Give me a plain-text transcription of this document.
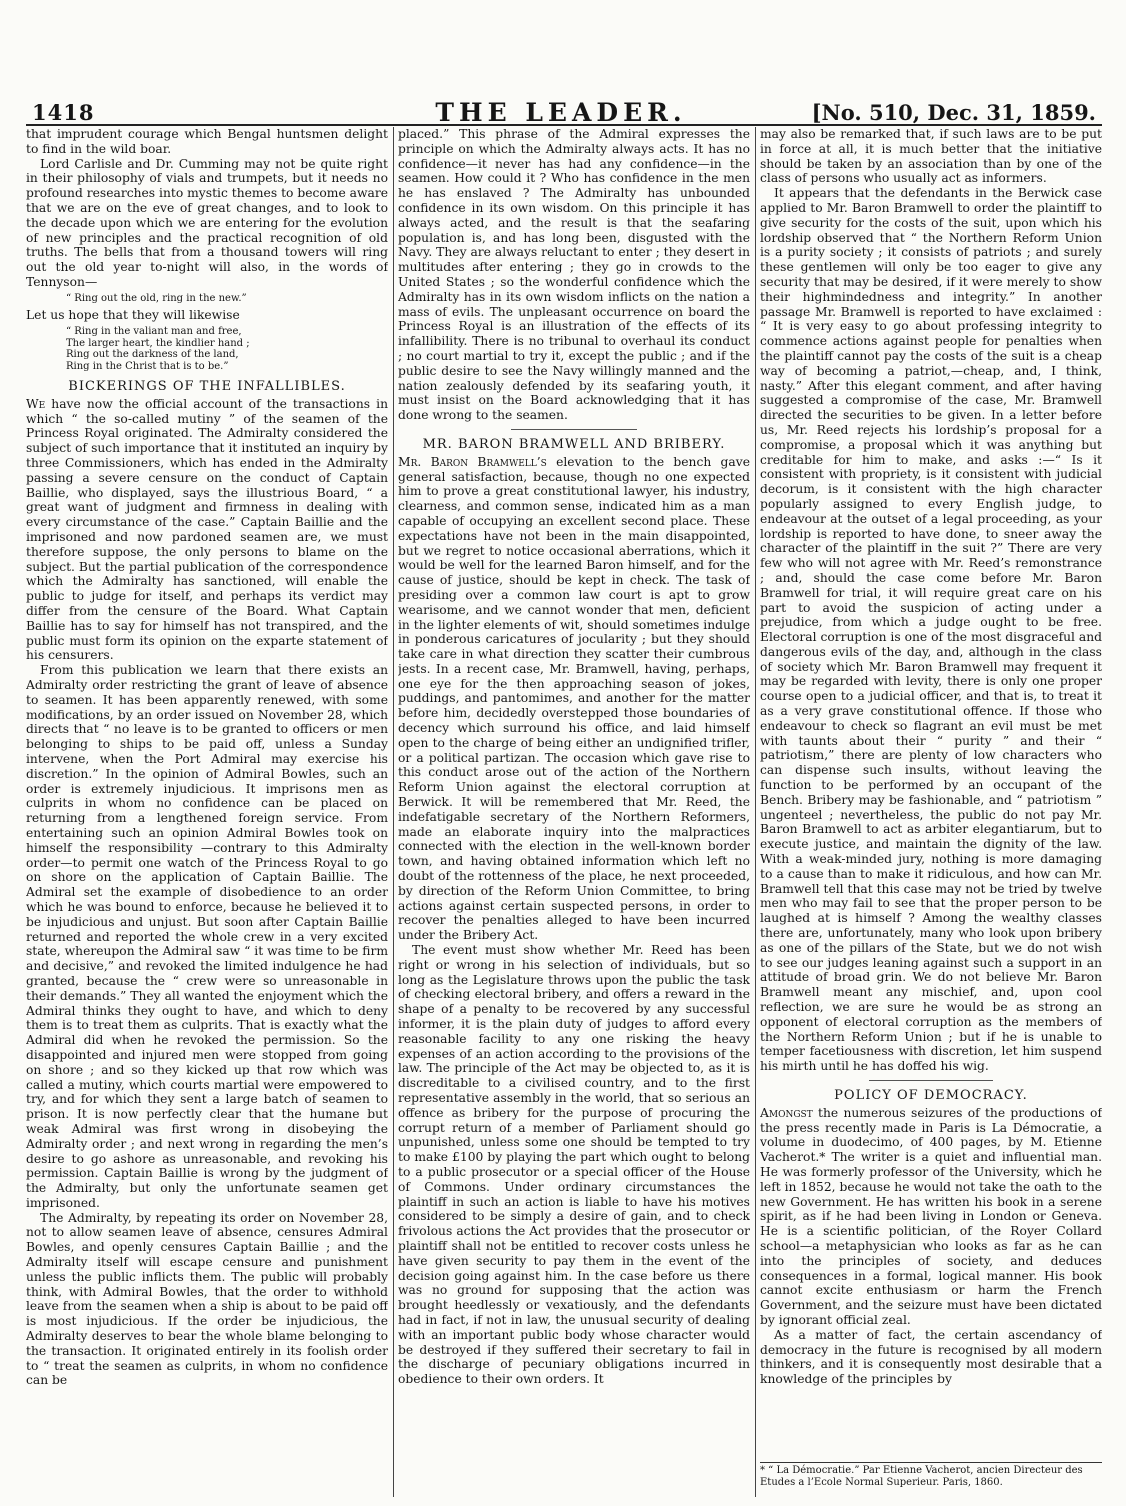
1418	THE LEADER.	[No. 510, Dec. 31, 1859.

that imprudent courage which Bengal huntsmen delight to find in the wild boar.

Lord Carlisle and Dr. Cumming may not be quite right in their philosophy of vials and trumpets, but it needs no profound researches into mystic themes to become aware that we are on the eve of great changes, and to look to the decade upon which we are entering for the evolution of new principles and the practical recognition of old truths. The bells that from a thousand towers will ring out the old year to-night will also, in the words of Tennyson—

“ Ring out the old, ring in the new.”

Let us hope that they will likewise

“ Ring in the valiant man and free,
The larger heart, the kindlier hand ;
Ring out the darkness of the land,
Ring in the Christ that is to be.”
BICKERINGS OF THE INFALLIBLES.

We have now the official account of the transactions in which “ the so-called mutiny ” of the seamen of the Princess Royal originated. The Admiralty considered the subject of such importance that it instituted an inquiry by three Commissioners, which has ended in the Admiralty passing a severe censure on the conduct of Captain Baillie, who displayed, says the illustrious Board, “ a great want of judgment and firmness in dealing with every circumstance of the case.” Captain Baillie and the imprisoned and now pardoned seamen are, we must therefore suppose, the only persons to blame on the subject. But the partial publication of the correspondence which the Admiralty has sanctioned, will enable the public to judge for itself, and perhaps its verdict may differ from the censure of the Board. What Captain Baillie has to say for himself has not transpired, and the public must form its opinion on the exparte statement of his censurers.

From this publication we learn that there exists an Admiralty order restricting the grant of leave of absence to seamen. It has been apparently renewed, with some modifications, by an order issued on November 28, which directs that “ no leave is to be granted to officers or men belonging to ships to be paid off, unless a Sunday intervene, when the Port Admiral may exercise his discretion.” In the opinion of Admiral Bowles, such an order is extremely injudicious. It imprisons men as culprits in whom no confidence can be placed on returning from a lengthened foreign service. From entertaining such an opinion Admiral Bowles took on himself the responsibility —contrary to this Admiralty order—to permit one watch of the Princess Royal to go on shore on the application of Captain Baillie. The Admiral set the example of disobedience to an order which he was bound to enforce, because he believed it to be injudicious and unjust. But soon after Captain Baillie returned and reported the whole crew in a very excited state, whereupon the Admiral saw “ it was time to be firm and decisive,” and revoked the limited indulgence he had granted, because the “ crew were so unreasonable in their demands.” They all wanted the enjoyment which the Admiral thinks they ought to have, and which to deny them is to treat them as culprits. That is exactly what the Admiral did when he revoked the permission. So the disappointed and injured men were stopped from going on shore ; and so they kicked up that row which was called a mutiny, which courts martial were empowered to try, and for which they sent a large batch of seamen to prison. It is now perfectly clear that the humane but weak Admiral was first wrong in disobeying the Admiralty order ; and next wrong in regarding the men’s desire to go ashore as unreasonable, and revoking his permission. Captain Baillie is wrong by the judgment of the Admiralty, but only the unfortunate seamen get imprisoned.

The Admiralty, by repeating its order on November 28, not to allow seamen leave of absence, censures Admiral Bowles, and openly censures Captain Baillie ; and the Admiralty itself will escape censure and punishment unless the public inflicts them. The public will probably think, with Admiral Bowles, that the order to withhold leave from the seamen when a ship is about to be paid off is most injudicious. If the order be injudicious, the Admiralty deserves to bear the whole blame belonging to the transaction. It originated entirely in its foolish order to “ treat the seamen as culprits, in whom no confidence can be

placed.” This phrase of the Admiral expresses the principle on which the Admiralty always acts. It has no confidence—it never has had any confidence—in the seamen. How could it ? Who has confidence in the men he has enslaved ? The Admiralty has unbounded confidence in its own wisdom. On this principle it has always acted, and the result is that the seafaring population is, and has long been, disgusted with the Navy. They are always reluctant to enter ; they desert in multitudes after entering ; they go in crowds to the United States ; so the wonderful confidence which the Admiralty has in its own wisdom inflicts on the nation a mass of evils. The unpleasant occurrence on board the Princess Royal is an illustration of the effects of its infallibility. There is no tribunal to overhaul its conduct ; no court martial to try it, except the public ; and if the public desire to see the Navy willingly manned and the nation zealously defended by its seafaring youth, it must insist on the Board acknowledging that it has done wrong to the seamen.

MR. BARON BRAMWELL AND BRIBERY.

Mr. Baron Bramwell’s elevation to the bench gave general satisfaction, because, though no one expected him to prove a great constitutional lawyer, his industry, clearness, and common sense, indicated him as a man capable of occupying an excellent second place. These expectations have not been in the main disappointed, but we regret to notice occasional aberrations, which it would be well for the learned Baron himself, and for the cause of justice, should be kept in check. The task of presiding over a common law court is apt to grow wearisome, and we cannot wonder that men, deficient in the lighter elements of wit, should sometimes indulge in ponderous caricatures of jocularity ; but they should take care in what direction they scatter their cumbrous jests. In a recent case, Mr. Bramwell, having, perhaps, one eye for the then approaching season of jokes, puddings, and pantomimes, and another for the matter before him, decidedly overstepped those boundaries of decency which surround his office, and laid himself open to the charge of being either an undignified trifler, or a political partizan. The occasion which gave rise to this conduct arose out of the action of the Northern Reform Union against the electoral corruption at Berwick. It will be remembered that Mr. Reed, the indefatigable secretary of the Northern Reformers, made an elaborate inquiry into the malpractices connected with the election in the well-known border town, and having obtained information which left no doubt of the rottenness of the place, he next proceeded, by direction of the Reform Union Committee, to bring actions against certain suspected persons, in order to recover the penalties alleged to have been incurred under the Bribery Act.

The event must show whether Mr. Reed has been right or wrong in his selection of individuals, but so long as the Legislature throws upon the public the task of checking electoral bribery, and offers a reward in the shape of a penalty to be recovered by any successful informer, it is the plain duty of judges to afford every reasonable facility to any one risking the heavy expenses of an action according to the provisions of the law. The principle of the Act may be objected to, as it is discreditable to a civilised country, and to the first representative assembly in the world, that so serious an offence as bribery for the purpose of procuring the corrupt return of a member of Parliament should go unpunished, unless some one should be tempted to try to make £100 by playing the part which ought to belong to a public prosecutor or a special officer of the House of Commons. Under ordinary circumstances the plaintiff in such an action is liable to have his motives considered to be simply a desire of gain, and to check frivolous actions the Act provides that the prosecutor or plaintiff shall not be entitled to recover costs unless he have given security to pay them in the event of the decision going against him. In the case before us there was no ground for supposing that the action was brought heedlessly or vexatiously, and the defendants had in fact, if not in law, the unusual security of dealing with an important public body whose character would be destroyed if they suffered their secretary to fail in the discharge of pecuniary obligations incurred in obedience to their own orders. It

may also be remarked that, if such laws are to be put in force at all, it is much better that the initiative should be taken by an association than by one of the class of persons who usually act as informers.

It appears that the defendants in the Berwick case applied to Mr. Baron Bramwell to order the plaintiff to give security for the costs of the suit, upon which his lordship observed that “ the Northern Reform Union is a purity society ; it consists of patriots ; and surely these gentlemen will only be too eager to give any security that may be desired, if it were merely to show their highmindedness and integrity.” In another passage Mr. Bramwell is reported to have exclaimed : “ It is very easy to go about professing integrity to commence actions against people for penalties when the plaintiff cannot pay the costs of the suit is a cheap way of becoming a patriot,—cheap, and, I think, nasty.” After this elegant comment, and after having suggested a compromise of the case, Mr. Bramwell directed the securities to be given. In a letter before us, Mr. Reed rejects his lordship’s proposal for a compromise, a proposal which it was anything but creditable for him to make, and asks :—“ Is it consistent with propriety, is it consistent with judicial decorum, is it consistent with the high character popularly assigned to every English judge, to endeavour at the outset of a legal proceeding, as your lordship is reported to have done, to sneer away the character of the plaintiff in the suit ?” There are very few who will not agree with Mr. Reed’s remonstrance ; and, should the case come before Mr. Baron Bramwell for trial, it will require great care on his part to avoid the suspicion of acting under a prejudice, from which a judge ought to be free. Electoral corruption is one of the most disgraceful and dangerous evils of the day, and, although in the class of society which Mr. Baron Bramwell may frequent it may be regarded with levity, there is only one proper course open to a judicial officer, and that is, to treat it as a very grave constitutional offence. If those who endeavour to check so flagrant an evil must be met with taunts about their “ purity ” and their “ patriotism,” there are plenty of low characters who can dispense such insults, without leaving the function to be performed by an occupant of the Bench. Bribery may be fashionable, and “ patriotism ” ungenteel ; nevertheless, the public do not pay Mr. Baron Bramwell to act as arbiter elegantiarum, but to execute justice, and maintain the dignity of the law. With a weak-minded jury, nothing is more damaging to a cause than to make it ridiculous, and how can Mr. Bramwell tell that this case may not be tried by twelve men who may fail to see that the proper person to be laughed at is himself ? Among the wealthy classes there are, unfortunately, many who look upon bribery as one of the pillars of the State, but we do not wish to see our judges leaning against such a support in an attitude of broad grin. We do not believe Mr. Baron Bramwell meant any mischief, and, upon cool reflection, we are sure he would be as strong an opponent of electoral corruption as the members of the Northern Reform Union ; but if he is unable to temper facetiousness with discretion, let him suspend his mirth until he has doffed his wig.

POLICY OF DEMOCRACY.

Amongst the numerous seizures of the productions of the press recently made in Paris is La Démocratie, a volume in duodecimo, of 400 pages, by M. Etienne Vacherot.* The writer is a quiet and influential man. He was formerly professor of the University, which he left in 1852, because he would not take the oath to the new Government. He has written his book in a serene spirit, as if he had been living in London or Geneva. He is a scientific politician, of the Royer Collard school—a metaphysician who looks as far as he can into the principles of society, and deduces consequences in a formal, logical manner. His book cannot excite enthusiasm or harm the French Government, and the seizure must have been dictated by ignorant official zeal.

As a matter of fact, the certain ascendancy of democracy in the future is recognised by all modern thinkers, and it is consequently most desirable that a knowledge of the principles by

* “ La Démocratie.” Par Etienne Vacherot, ancien Directeur des Etudes a l’Ecole Normal Superieur. Paris, 1860.
